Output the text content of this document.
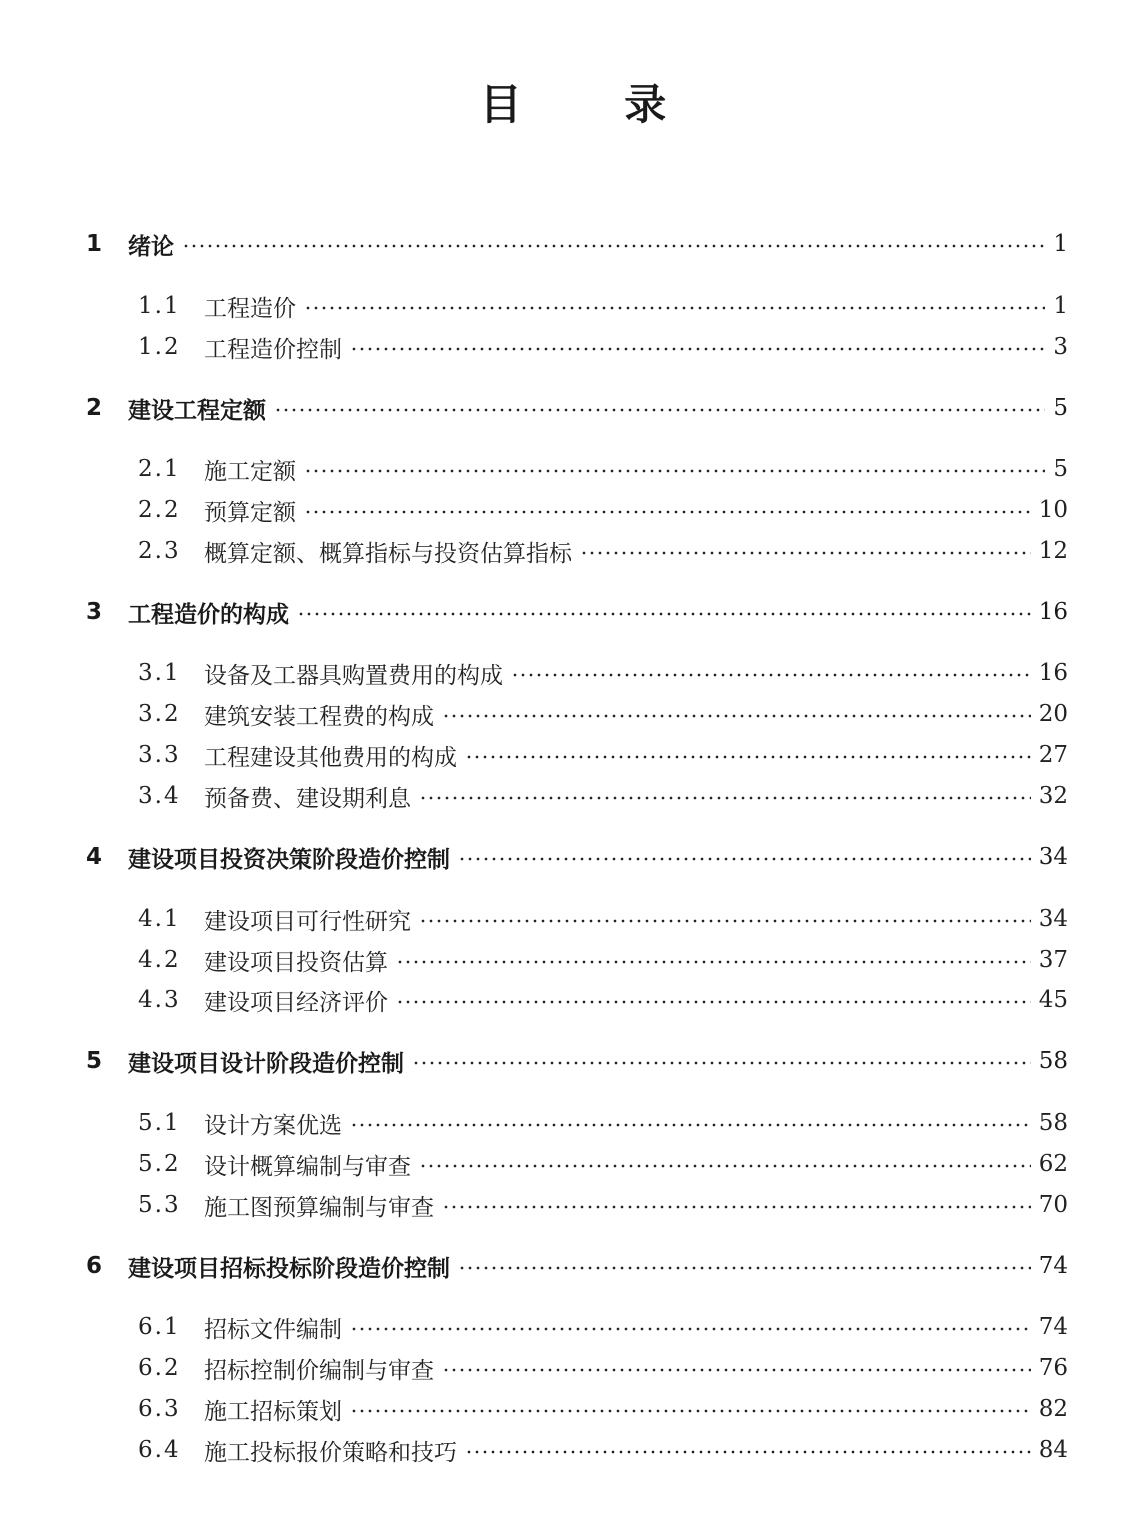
目 录
1	绪论	1
1.1	工程造价	1
1.2	工程造价控制	3
2	建设工程定额	5
2.1	施工定额	5
2.2	预算定额	10
2.3	概算定额、概算指标与投资估算指标	12
3	工程造价的构成	16
3.1	设备及工器具购置费用的构成	16
3.2	建筑安装工程费的构成	20
3.3	工程建设其他费用的构成	27
3.4	预备费、建设期利息	32
4	建设项目投资决策阶段造价控制	34
4.1	建设项目可行性研究	34
4.2	建设项目投资估算	37
4.3	建设项目经济评价	45
5	建设项目设计阶段造价控制	58
5.1	设计方案优选	58
5.2	设计概算编制与审查	62
5.3	施工图预算编制与审查	70
6	建设项目招标投标阶段造价控制	74
6.1	招标文件编制	74
6.2	招标控制价编制与审查	76
6.3	施工招标策划	82
6.4	施工投标报价策略和技巧	84
